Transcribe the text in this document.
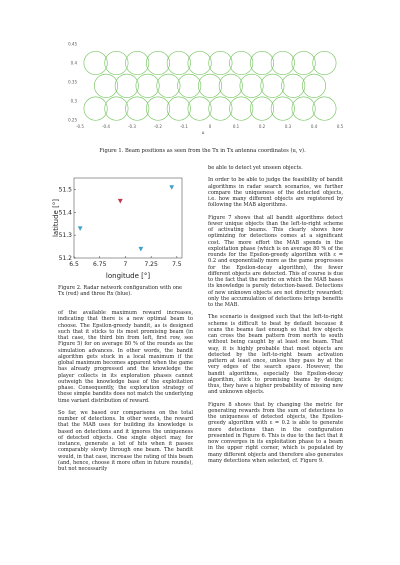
0.45
0.4
0.35
0.3
0.25
-0.5	-0.4	-0.3	-0.2	-0.1	0	0.1	0.2	0.3	0.4	0.5
u
Figure 1. Beam positions as seen from the Tx in Tx antenna coordinates (u, v).
51.5
51.4
51.3
51.2
6.5 6.75	7	7.25 7.5
longitude [°]
latitude [°]
Figure 2. Radar network configuration with one Tx (red) and three Rx (blue).

of the available maximum reward increases, indicating that there is a new optimal beam to choose. The Epsilon-greedy bandit, as is designed such that it sticks to its most promising beam (in that case, the third bin from left, first row, see Figure 5) for on average 80 % of the rounds as the simulation advances. In other words, the bandit algorithm gets stuck in a local maximum if the global maximum becomes apparent when the game has already progressed and the knowledge the player collects in its exploration phases cannot outweigh the knowledge base of the exploitation phase. Consequently, the exploration strategy of these simple bandits does not match the underlying time variant distribution of reward.

So far, we based our comparisons on the total number of detections. In other words, the reward that the MAB uses for building its knowledge is based on detections and it ignores the uniqueness of detected objects. One single object may, for instance, generate a lot of hits when it passes comparably slowly through one beam. The bandit would, in that case, increase the rating of this beam (and, hence, choose it more often in future rounds), but not necessarily

be able to detect yet unseen objects.

In order to be able to judge the feasibility of bandit algorithms in radar search scenarios, we further compare the uniqueness of the detected objects, i.e. how many different objects are registered by following the MAB algorithms.

Figure 7 shows that all bandit algorithms detect fewer unique objects than the left-to-right scheme of activating beams. This clearly shows how optimizing for detections comes at a significant cost. The more effort the MAB spends in the exploitation phase (which is on average 80 % of the rounds for the Epsilon-greedy algorithm with ε = 0.2 and exponentially more as the game progresses for the Epsilon-decay algorithm), the fewer different objects are detected. This of course is due to the fact that the metric on which the MAB bases its knowledge is purely detection-based. Detections of new unknown objects are not directly rewarded; only the accumulation of detections brings benefits to the MAB.

The scenario is designed such that the left-to-right scheme is difficult to beat by default because it scans the beams fast enough so that few objects can cross the beam pattern from north to south without being caught by at least one beam. That way, it is highly probable that most objects are detected by the left-to-right beam activation pattern at least once, unless they pass by at the very edges of the search space. However, the bandit algorithms, especially the Epsilon-decay algorithm, stick to promising beams by design; thus, they have a higher probability of missing new and unknown objects.

Figure 8 shows that by changing the metric for generating rewards from the sum of detections to the uniqueness of detected objects, the Epsilon-greedy algorithm with ε = 0.2 is able to generate more detections than in the configuration presented in Figure 6. This is due to the fact that it now converges in its exploitation phase to a beam in the upper right corner, which is populated by many different objects and therefore also generates many detections when selected, cf. Figure 9.
